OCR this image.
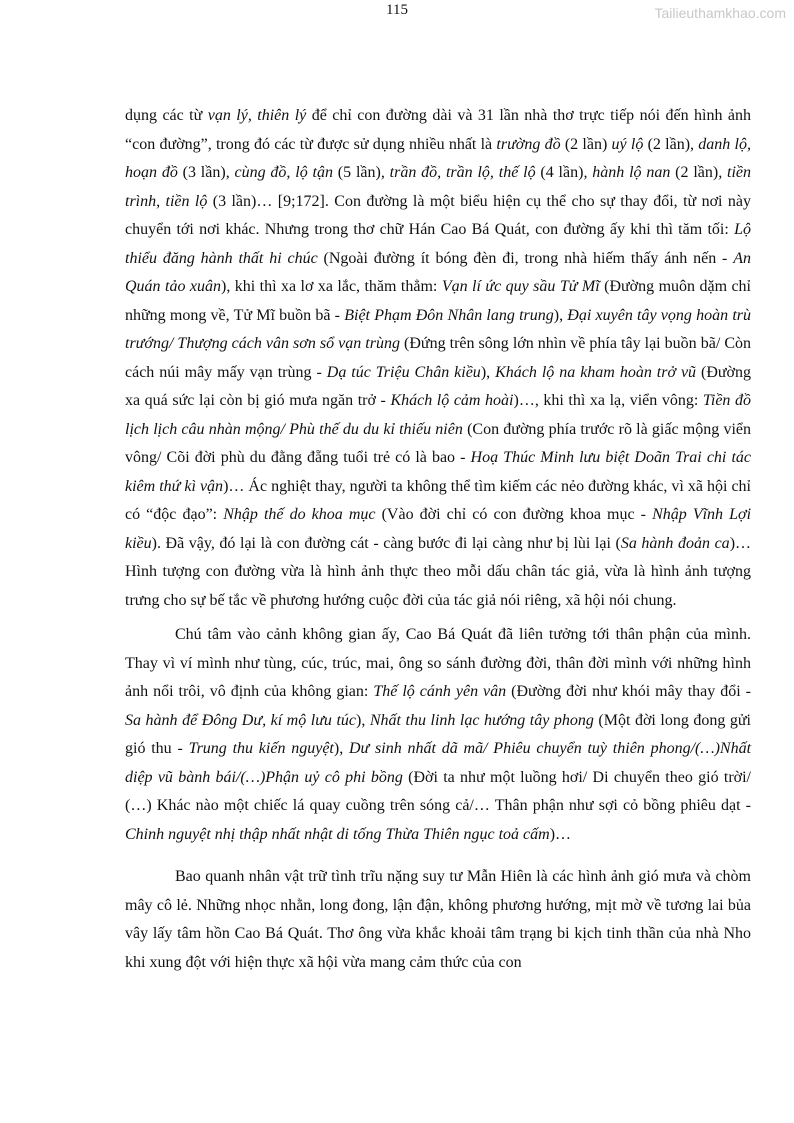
115	Tailieuthamkhao.com

dụng các từ vạn lý, thiên lý để chỉ con đường dài và 31 lần nhà thơ trực tiếp nói đến hình ảnh “con đường”, trong đó các từ được sử dụng nhiều nhất là trường đồ (2 lần) uý lộ (2 lần), danh lộ, hoạn đồ (3 lần), cùng đồ, lộ tận (5 lần), trần đồ, trần lộ, thế lộ (4 lần), hành lộ nan (2 lần), tiền trình, tiền lộ (3 lần)… [9;172]. Con đường là một biểu hiện cụ thể cho sự thay đổi, từ nơi này chuyển tới nơi khác. Nhưng trong thơ chữ Hán Cao Bá Quát, con đường ấy khi thì tăm tối: Lộ thiểu đăng hành thất hi chúc (Ngoài đường ít bóng đèn đi, trong nhà hiếm thấy ánh nến - An Quán tảo xuân), khi thì xa lơ xa lắc, thăm thẳm: Vạn lí ức quy sầu Tử Mĩ (Đường muôn dặm chỉ những mong về, Tử Mĩ buồn bã - Biệt Phạm Đôn Nhân lang trung), Đại xuyên tây vọng hoàn trù trướng/ Thượng cách vân sơn sổ vạn trùng (Đứng trên sông lớn nhìn về phía tây lại buồn bã/ Còn cách núi mây mấy vạn trùng - Dạ túc Triệu Chân kiều), Khách lộ na kham hoàn trở vũ (Đường xa quá sức lại còn bị gió mưa ngăn trở - Khách lộ cảm hoài)…, khi thì xa lạ, viển vông: Tiền đồ lịch lịch câu nhàn mộng/ Phù thế du du kỉ thiếu niên (Con đường phía trước rõ là giấc mộng viển vông/ Cõi đời phù du đằng đẵng tuổi trẻ có là bao - Hoạ Thúc Minh lưu biệt Doãn Trai chi tác kiêm thứ kì vận)… Ác nghiệt thay, người ta không thể tìm kiếm các nẻo đường khác, vì xã hội chỉ có “độc đạo”: Nhập thế do khoa mục (Vào đời chỉ có con đường khoa mục - Nhập Vĩnh Lợi kiều). Đã vậy, đó lại là con đường cát - càng bước đi lại càng như bị lùi lại (Sa hành đoản ca)… Hình tượng con đường vừa là hình ảnh thực theo mỗi dấu chân tác giả, vừa là hình ảnh tượng trưng cho sự bế tắc về phương hướng cuộc đời của tác giả nói riêng, xã hội nói chung.

Chú tâm vào cảnh không gian ấy, Cao Bá Quát đã liên tưởng tới thân phận của mình. Thay vì ví mình như tùng, cúc, trúc, mai, ông so sánh đường đời, thân đời mình với những hình ảnh nổi trôi, vô định của không gian: Thế lộ cánh yên vân (Đường đời như khói mây thay đổi - Sa hành để Đông Dư, kí mộ lưu túc), Nhất thu linh lạc hướng tây phong (Một đời long đong gửi gió thu - Trung thu kiến nguyệt), Dư sinh nhất dã mã/ Phiêu chuyển tuỳ thiên phong/(…)Nhất diệp vũ bành bái/(…)Phận uỷ cô phi bồng (Đời ta như một luồng hơi/ Di chuyển theo gió trời/ (…) Khác nào một chiếc lá quay cuồng trên sóng cả/… Thân phận như sợi cỏ bồng phiêu dạt - Chinh nguyệt nhị thập nhất nhật di tống Thừa Thiên ngục toả cấm)…

Bao quanh nhân vật trữ tình trĩu nặng suy tư Mẫn Hiên là các hình ảnh gió mưa và chòm mây cô lẻ. Những nhọc nhằn, long đong, lận đận, không phương hướng, mịt mờ về tương lai bủa vây lấy tâm hồn Cao Bá Quát. Thơ ông vừa khắc khoải tâm trạng bi kịch tinh thần của nhà Nho khi xung đột với hiện thực xã hội vừa mang cảm thức của con
